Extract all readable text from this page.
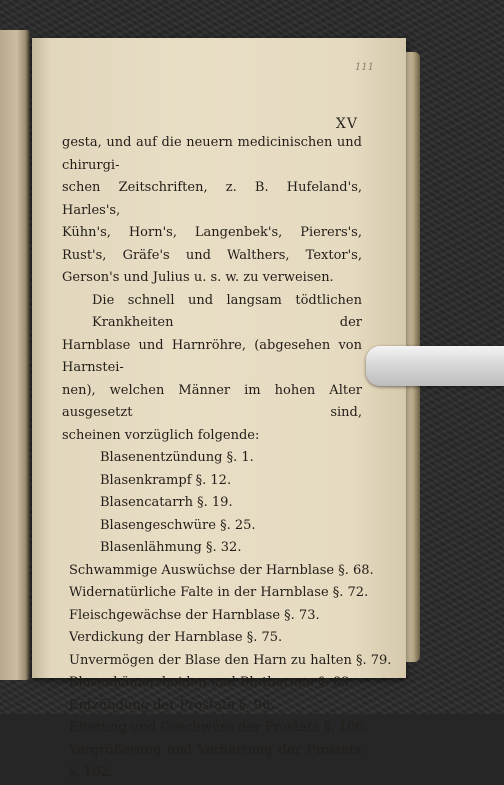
111
XV
gesta, und auf die neuern medicinischen und chirurgi-
schen Zeitschriften, z. B. Hufeland's, Harles's,
Kühn's, Horn's, Langenbek's, Pierers's,
Rust's, Gräfe's und Walthers, Textor's,
Gerson's und Julius u. s. w. zu verweisen.
Die schnell und langsam tödtlichen Krankheiten der
Harnblase und Harnröhre, (abgesehen von Harnstei-
nen), welchen Männer im hohen Alter ausgesetzt sind,
scheinen vorzüglich folgende:
Blasenentzündung §. 1.
Blasenkrampf §. 12.
Blasencatarrh §. 19.
Blasengeschwüre §. 25.
Blasenlähmung §. 32.
Schwammige Auswüchse der Harnblase §. 68.
Widernatürliche Falte in der Harnblase §. 72.
Fleischgewächse der Harnblase §. 73.
Verdickung der Harnblase §. 75.
Unvermögen der Blase den Harn zu halten §. 79.
Blasenhämorrhoiden und Blutharnen §. 83.
Entzündung der Prostata §. 96.
Eiterung und Geschwüre der Prostata §. 100.
Vergrößerung und Verhärtung der Prostata
§. 102.
